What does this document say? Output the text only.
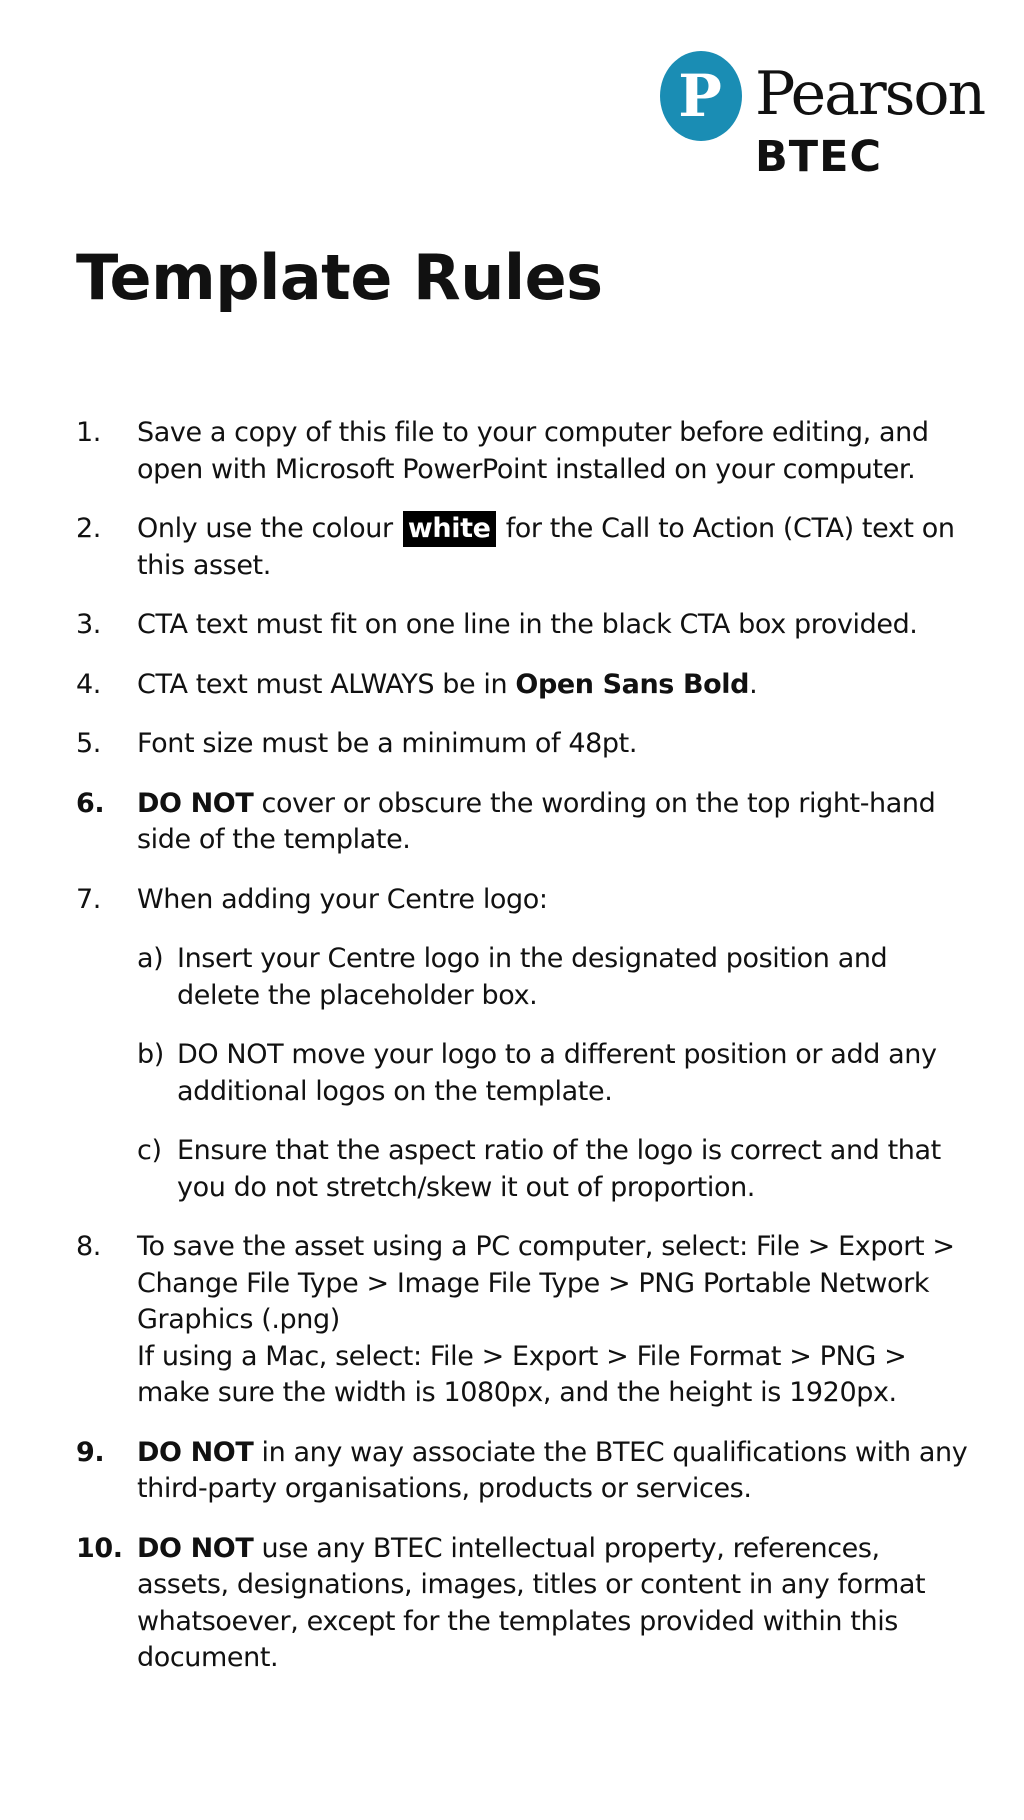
P Pearson
BTEC
Template Rules
1.	Save a copy of this file to your computer before editing, and open with Microsoft PowerPoint installed on your computer.
2.	Only use the colour white for the Call to Action (CTA) text on this asset.
3.	CTA text must fit on one line in the black CTA box provided.
4.	CTA text must ALWAYS be in Open Sans Bold.
5.	Font size must be a minimum of 48pt.
6.	DO NOT cover or obscure the wording on the top right-hand side of the template.
7.	When adding your Centre logo:

a) Insert your Centre logo in the designated position and delete the placeholder box.
b) DO NOT move your logo to a different position or add any additional logos on the template.
c) Ensure that the aspect ratio of the logo is correct and that you do not stretch/skew it out of proportion.
8.	To save the asset using a PC computer, select: File > Export > Change File Type > Image File Type > PNG Portable Network Graphics (.png)

If using a Mac, select: File > Export > File Format > PNG > make sure the width is 1080px, and the height is 1920px.

9.	DO NOT in any way associate the BTEC qualifications with any third-party organisations, products or services.
10. DO NOT use any BTEC intellectual property, references, assets, designations, images, titles or content in any format whatsoever, except for the templates provided within this document.
